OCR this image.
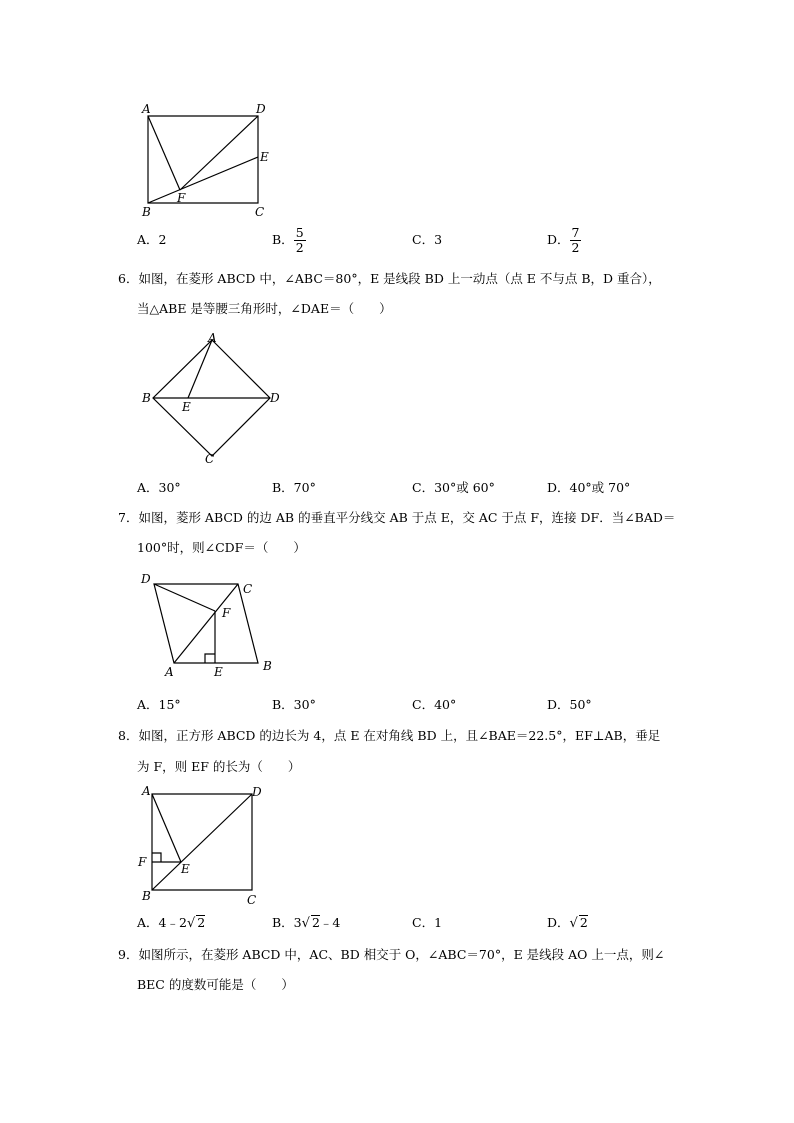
A	D
E
F
B	C
A．2	B． $\frac{5}{2}$	C．3	D． $\frac{7}{2}$
6．如图，在菱形 ABCD 中，∠ABC＝80°，E 是线段 BD 上一动点（点 E 不与点 B，D 重合），
当△ABE 是等腰三角形时，∠DAE＝（　　）
A
B
E
D
C
A．30°	B．70°	C．30°或 60°	D．40°或 70°
7．如图，菱形 ABCD 的边 AB 的垂直平分线交 AB 于点 E，交 AC 于点 F，连接 DF．当∠BAD＝
100°时，则∠CDF＝（　　）
D
C
F
A	E	B
A．15°	B．30°	C．40°	D．50°
8．如图，正方形 ABCD 的边长为 4，点 E 在对角线 BD 上，且∠BAE＝22.5°，EF⊥AB，垂足
为 F，则 EF 的长为（　　）
A	D
F	E
B	C
A．4﹣2√ 2	B．3√ 2﹣4	C．1	D．√ 2
9．如图所示，在菱形 ABCD 中，AC、BD 相交于 O，∠ABC＝70°，E 是线段 AO 上一点，则∠
BEC 的度数可能是（　　）
